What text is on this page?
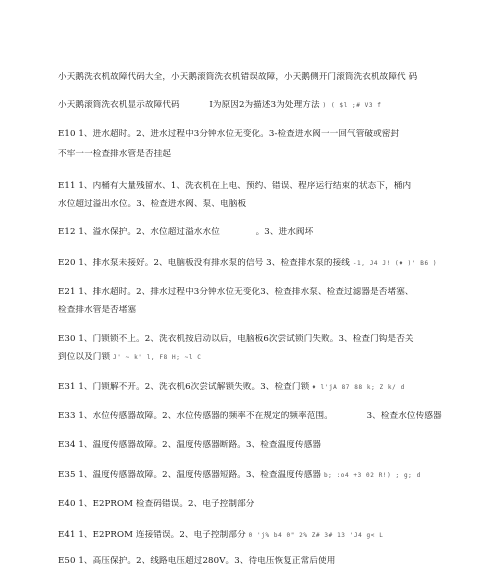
小天鹅洗衣机故障代码大全，小天鹅滚筒洗衣机错误故障，小天鹅侧开门滚筒洗衣机故障代 码
小天鹅滚筒洗衣机显示故障代码	I为原因2为描述3为处理方法 ) ( $l ;# V3 f
E10 1、进水超时。2、进水过程中3分钟水位无变化。3-检查进水阀一一回气管破或密封
不牢一一检查排水管是否挂起
E11 1、内桶有大量残留水、1、洗衣机在上电、预约、错误、程序运行结束的状态下，桶内
水位超过溢出水位。3、检查进水阀、泵、电脑板
E12 1、溢水保护。2、水位超过溢水水位	。3、进水阀坏
E20 1、排水泵未接好。2、电脑板没有排水泵的信号 3、检查排水泵的接线 -1, J4 J! (♦ )' B6 )
E21 1、排水超时。2、排水过程中3分钟水位无变化3、检查排水泵、检查过滤器是否堵塞、
检查排水管是否堵塞
E30 1、门锁锁不上。2、洗衣机按启动以后，电脑板6次尝试锁门失败。3、检查门钩是否关
到位以及门锁 J' ~ k' l, F8 H; ~l C
E31 1、门锁解不开。2、洗衣机6次尝试解锁失败。3、检查门锁 ♦ l'jA 87 88 k; Z k/ d
E33 1、水位传感器故障。2、水位传感器的频率不在规定的频率范围。	3、检查水位传感器
E34 1、温度传感器故障。2、温度传感器断路。3、检查温度传感器
E35 1、温度传感器故障。2、温度传感器短路。3、检查温度传感器 b; :o4 +3 02 R!) ; g; d
E40 1、E2PROM 检查码错误。2、电子控制部分
E41 1、E2PROM 连接错误。2、电子控制部分 0 'j% b4 0" 2% Z# 3# 13 'J4 g< L
E50 1、高压保护。2、线路电压超过280V。3、待电压恢复正常后使用
